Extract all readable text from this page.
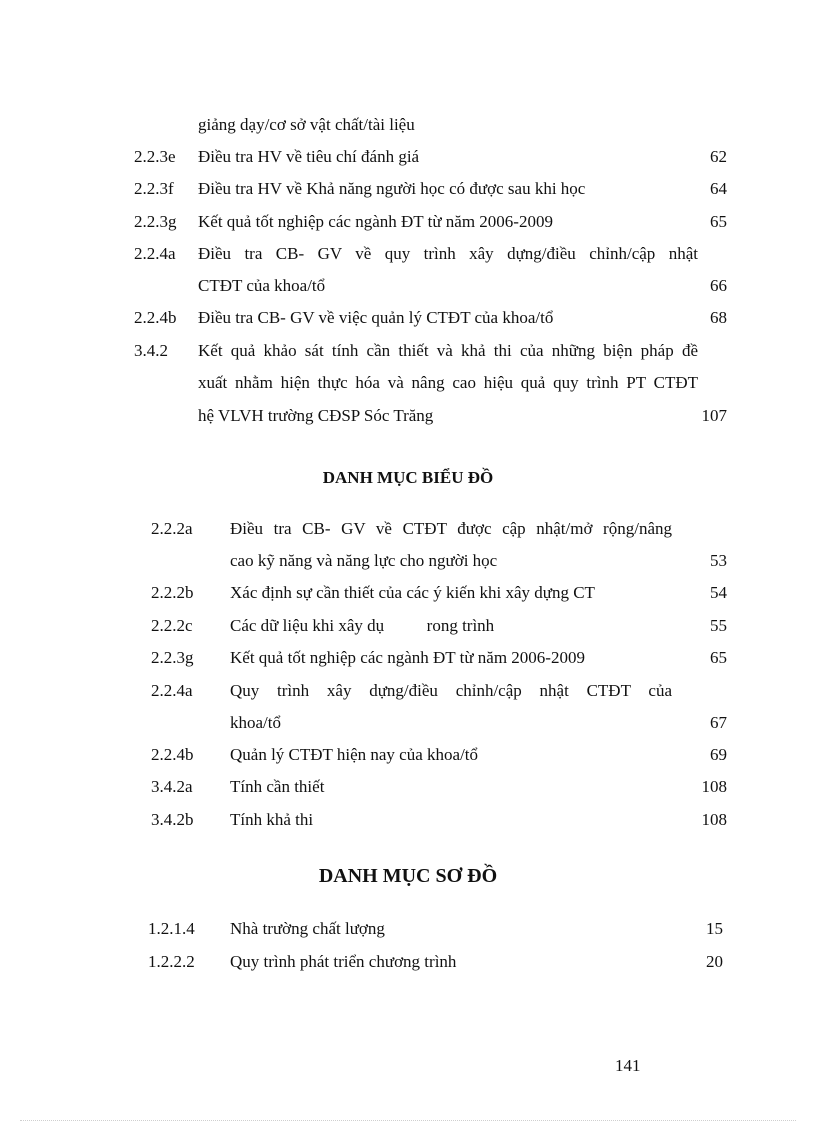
giảng dạy/cơ sở vật chất/tài liệu
2.2.3e Điều tra HV về tiêu chí đánh giá	62
2.2.3f Điều tra HV về Khả năng người học có được sau khi học	64
2.2.3g Kết quả tốt nghiệp các ngành ĐT từ năm 2006-2009	65
2.2.4a Điều tra CB- GV về quy trình xây dựng/điều chỉnh/cập nhật
CTĐT của khoa/tổ	66
2.2.4b Điều tra CB- GV về việc quản lý CTĐT của khoa/tổ	68
3.4.2 Kết quả khảo sát tính cần thiết và khả thi của những biện pháp đề
xuất nhằm hiện thực hóa và nâng cao hiệu quả quy trình PT CTĐT
hệ VLVH trường CĐSP Sóc Trăng	107
DANH MỤC BIỂU ĐỒ
2.2.2a Điều tra CB- GV về CTĐT được cập nhật/mở rộng/nâng
cao kỹ năng và năng lực cho người học	53
2.2.2b Xác định sự cần thiết của các ý kiến khi xây dựng CT	54
2.2.2c Các dữ liệu khi xây dụ          rong trình	55
2.2.3g Kết quả tốt nghiệp các ngành ĐT từ năm 2006-2009	65
2.2.4a Quy trình xây dựng/điều chỉnh/cập nhật CTĐT của
khoa/tổ	67
2.2.4b Quản lý CTĐT hiện nay của khoa/tổ	69
3.4.2a Tính cần thiết	108
3.4.2b Tính khả thi	108
DANH MỤC SƠ ĐỒ
1.2.1.4 Nhà trường chất lượng	15
1.2.2.2 Quy trình phát triển chương trình	20
141
